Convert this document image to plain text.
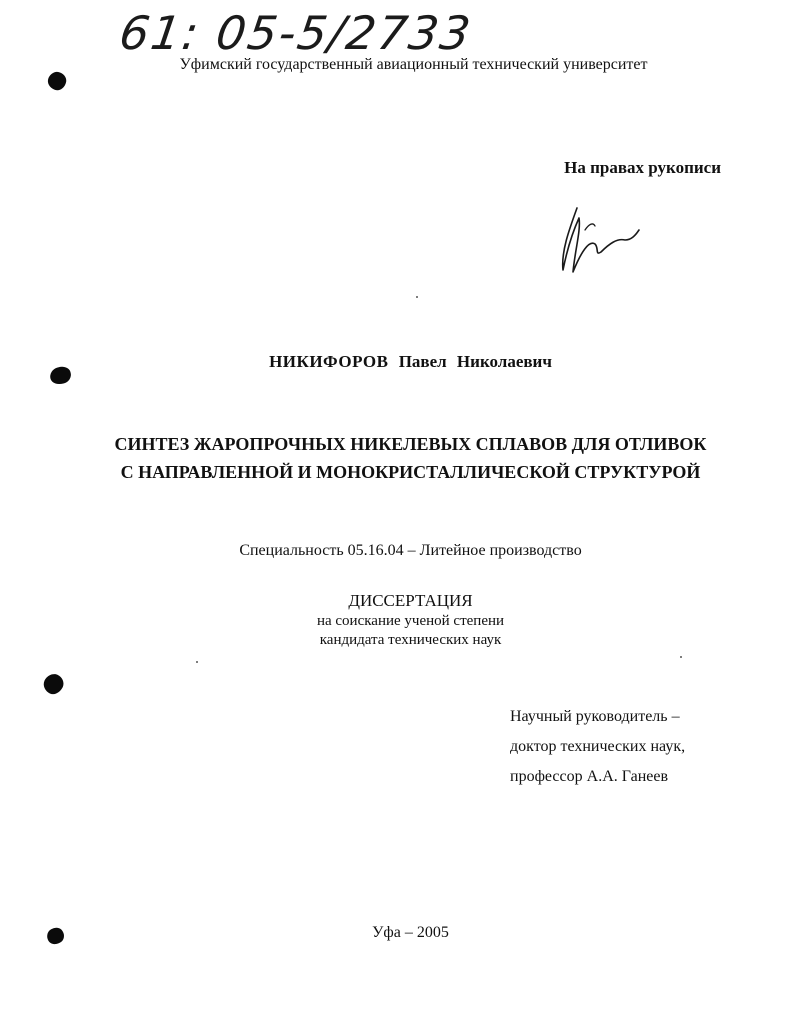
61: 05-5/2733
Уфимский государственный авиационный технический университет
На правах рукописи
НИКИФОРОВ Павел Николаевич
СИНТЕЗ ЖАРОПРОЧНЫХ НИКЕЛЕВЫХ СПЛАВОВ ДЛЯ ОТЛИВОК
С НАПРАВЛЕННОЙ И МОНОКРИСТАЛЛИЧЕСКОЙ СТРУКТУРОЙ
Специальность 05.16.04 – Литейное производство
ДИССЕРТАЦИЯ
на соискание ученой степени
кандидата технических наук
Научный руководитель –
доктор технических наук,
профессор А.А. Ганеев
Уфа – 2005
